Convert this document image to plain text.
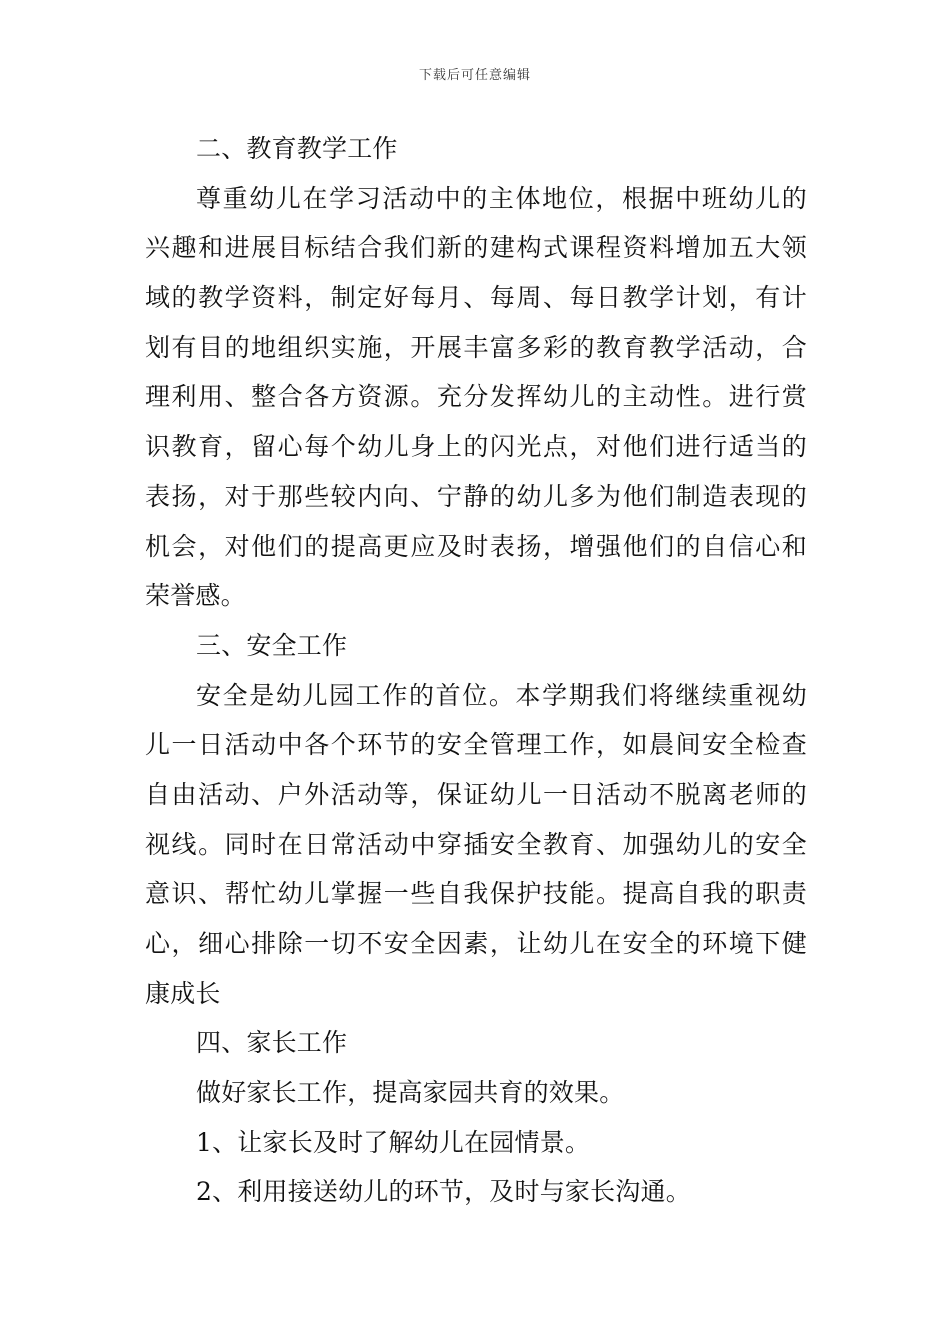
下载后可任意编辑
二、教育教学工作
尊重幼儿在学习活动中的主体地位，根据中班幼儿的
兴趣和进展目标结合我们新的建构式课程资料增加五大领
域的教学资料，制定好每月、每周、每日教学计划，有计
划有目的地组织实施，开展丰富多彩的教育教学活动，合
理利用、整合各方资源。充分发挥幼儿的主动性。进行赏
识教育，留心每个幼儿身上的闪光点，对他们进行适当的
表扬，对于那些较内向、宁静的幼儿多为他们制造表现的
机会，对他们的提高更应及时表扬，增强他们的自信心和
荣誉感。
三、安全工作
安全是幼儿园工作的首位。本学期我们将继续重视幼
儿一日活动中各个环节的安全管理工作，如晨间安全检查
自由活动、户外活动等，保证幼儿一日活动不脱离老师的
视线。同时在日常活动中穿插安全教育、加强幼儿的安全
意识、帮忙幼儿掌握一些自我保护技能。提高自我的职责
心，细心排除一切不安全因素，让幼儿在安全的环境下健
康成长
四、家长工作
做好家长工作，提高家园共育的效果。
1、让家长及时了解幼儿在园情景。
2、利用接送幼儿的环节，及时与家长沟通。
